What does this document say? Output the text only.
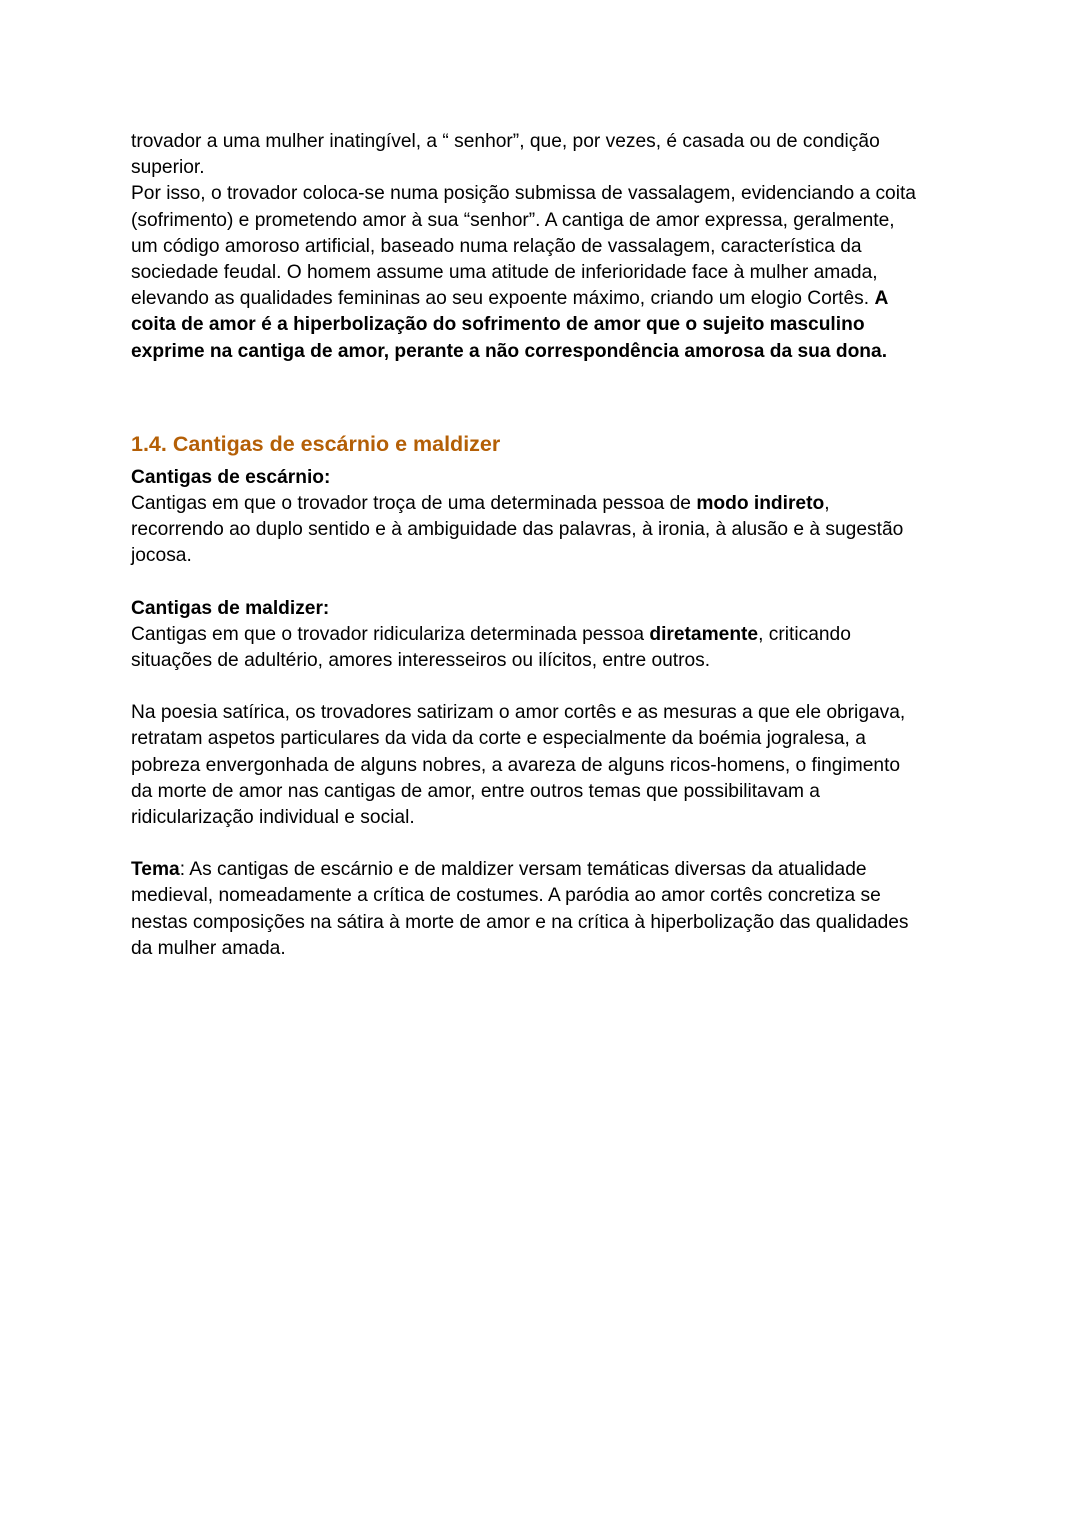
trovador a uma mulher inatingível, a “ senhor”, que, por vezes, é casada ou de condição
superior.
Por isso, o trovador coloca-se numa posição submissa de vassalagem, evidenciando a coita
(sofrimento) e prometendo amor à sua “senhor”. A cantiga de amor expressa, geralmente,
um código amoroso artificial, baseado numa relação de vassalagem, característica da
sociedade feudal. O homem assume uma atitude de inferioridade face à mulher amada,
elevando as qualidades femininas ao seu expoente máximo, criando um elogio Cortês. A
coita de amor é a hiperbolização do sofrimento de amor que o sujeito masculino
exprime na cantiga de amor, perante a não correspondência amorosa da sua dona.
1.4. Cantigas de escárnio e maldizer
Cantigas de escárnio:
Cantigas em que o trovador troça de uma determinada pessoa de modo indireto,
recorrendo ao duplo sentido e à ambiguidade das palavras, à ironia, à alusão e à sugestão
jocosa.
Cantigas de maldizer:
Cantigas em que o trovador ridiculariza determinada pessoa diretamente, criticando
situações de adultério, amores interesseiros ou ilícitos, entre outros.
Na poesia satírica, os trovadores satirizam o amor cortês e as mesuras a que ele obrigava,
retratam aspetos particulares da vida da corte e especialmente da boémia jogralesa, a
pobreza envergonhada de alguns nobres, a avareza de alguns ricos-homens, o fingimento
da morte de amor nas cantigas de amor, entre outros temas que possibilitavam a
ridicularização individual e social.
Tema: As cantigas de escárnio e de maldizer versam temáticas diversas da atualidade
medieval, nomeadamente a crítica de costumes. A paródia ao amor cortês concretiza se
nestas composições na sátira à morte de amor e na crítica à hiperbolização das qualidades
da mulher amada.
